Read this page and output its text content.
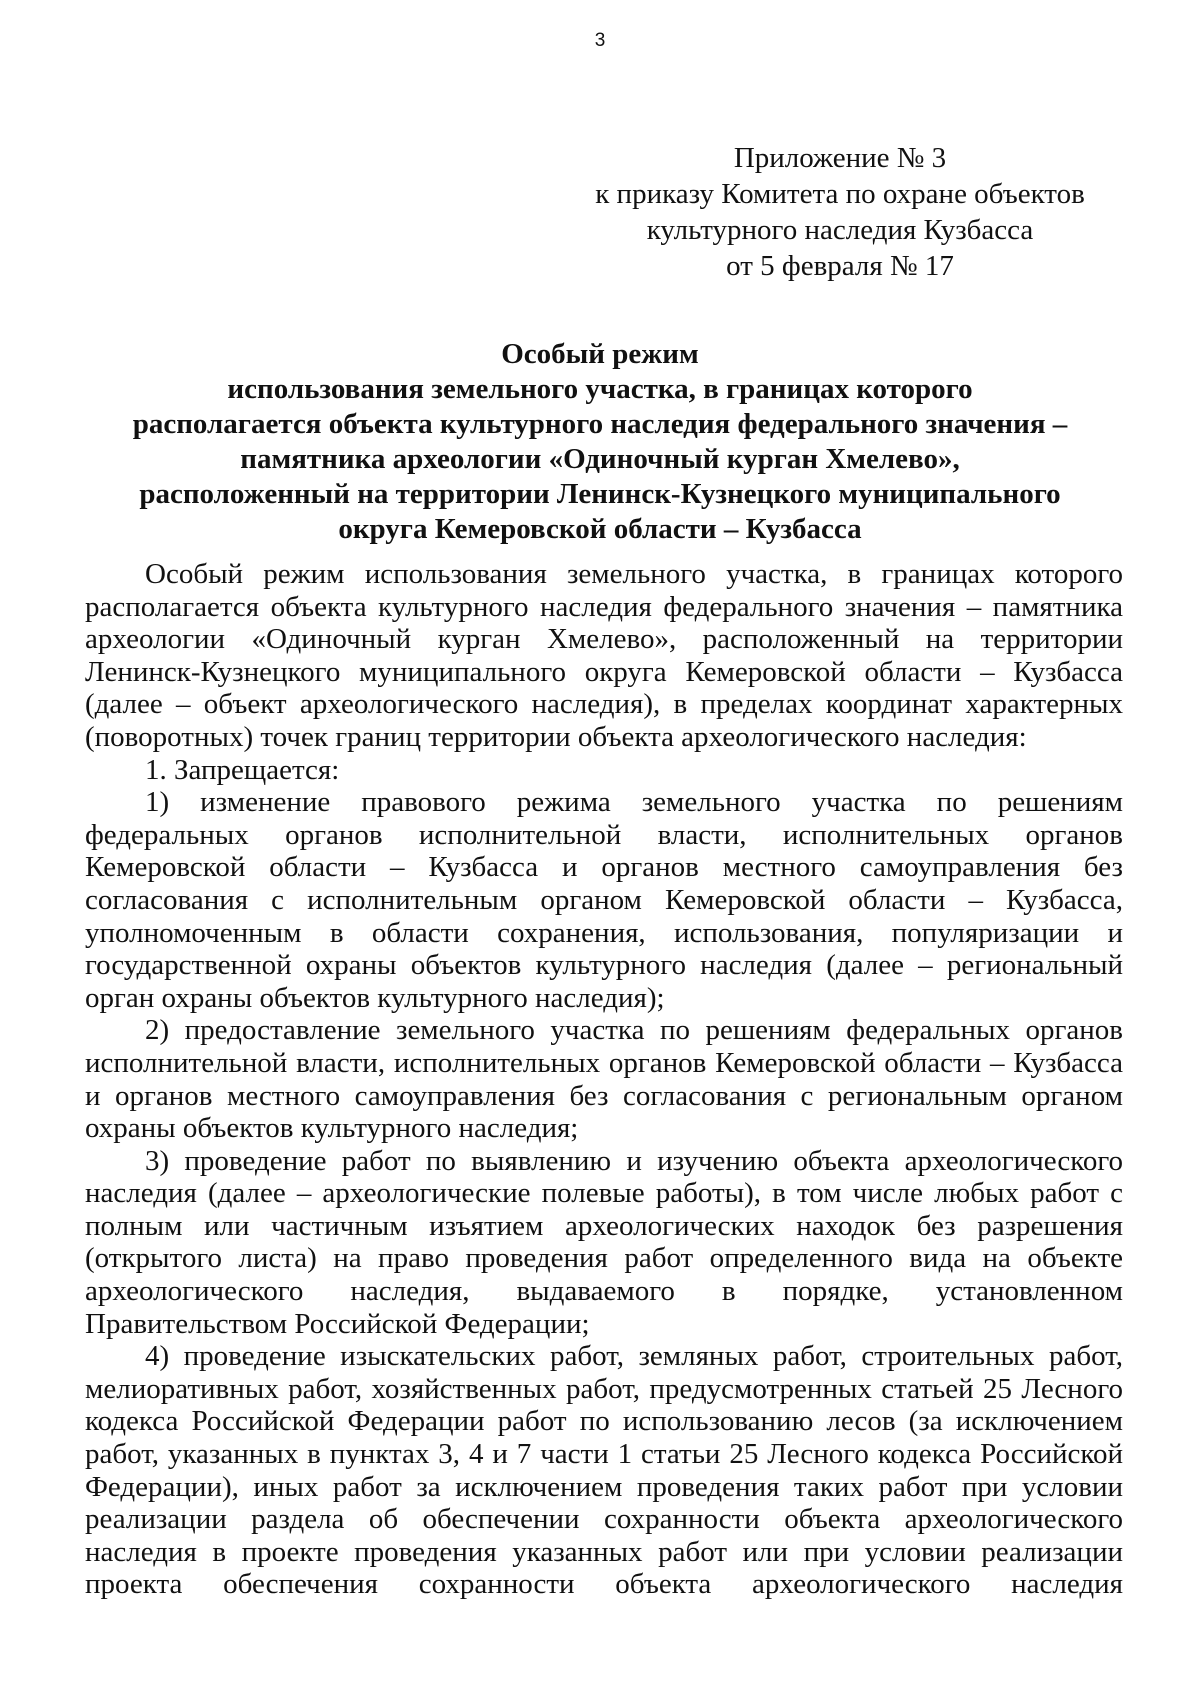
3
Приложение № 3
к приказу Комитета по охране объектов
культурного наследия Кузбасса
от 5 февраля № 17
Особый режим
использования земельного участка, в границах которого
располагается объекта культурного наследия федерального значения –
памятника археологии «Одиночный курган Хмелево»,
расположенный на территории Ленинск-Кузнецкого муниципального
округа Кемеровской области – Кузбасса

Особый режим использования земельного участка, в границах которого располагается объекта культурного наследия федерального значения – памятника археологии «Одиночный курган Хмелево», расположенный на территории Ленинск-Кузнецкого муниципального округа Кемеровской области – Кузбасса (далее – объект археологического наследия), в пределах координат характерных (поворотных) точек границ территории объекта археологического наследия:

1. Запрещается:

1) изменение правового режима земельного участка по решениям федеральных органов исполнительной власти, исполнительных органов Кемеровской области – Кузбасса и органов местного самоуправления без согласования с исполнительным органом Кемеровской области – Кузбасса, уполномоченным в области сохранения, использования, популяризации и государственной охраны объектов культурного наследия (далее – региональный орган охраны объектов культурного наследия);

2) предоставление земельного участка по решениям федеральных органов исполнительной власти, исполнительных органов Кемеровской области – Кузбасса и органов местного самоуправления без согласования с региональным органом охраны объектов культурного наследия;

3) проведение работ по выявлению и изучению объекта археологического наследия (далее – археологические полевые работы), в том числе любых работ с полным или частичным изъятием археологических находок без разрешения (открытого листа) на право проведения работ определенного вида на объекте археологического наследия, выдаваемого в порядке, установленном Правительством Российской Федерации;

4) проведение изыскательских работ, земляных работ, строительных работ, мелиоративных работ, хозяйственных работ, предусмотренных статьей 25 Лесного кодекса Российской Федерации работ по использованию лесов (за исключением работ, указанных в пунктах 3, 4 и 7 части 1 статьи 25 Лесного кодекса Российской Федерации), иных работ за исключением проведения таких работ при условии реализации раздела об обеспечении сохранности объекта археологического наследия в проекте проведения указанных работ или при условии реализации проекта обеспечения сохранности объекта археологического наследия
